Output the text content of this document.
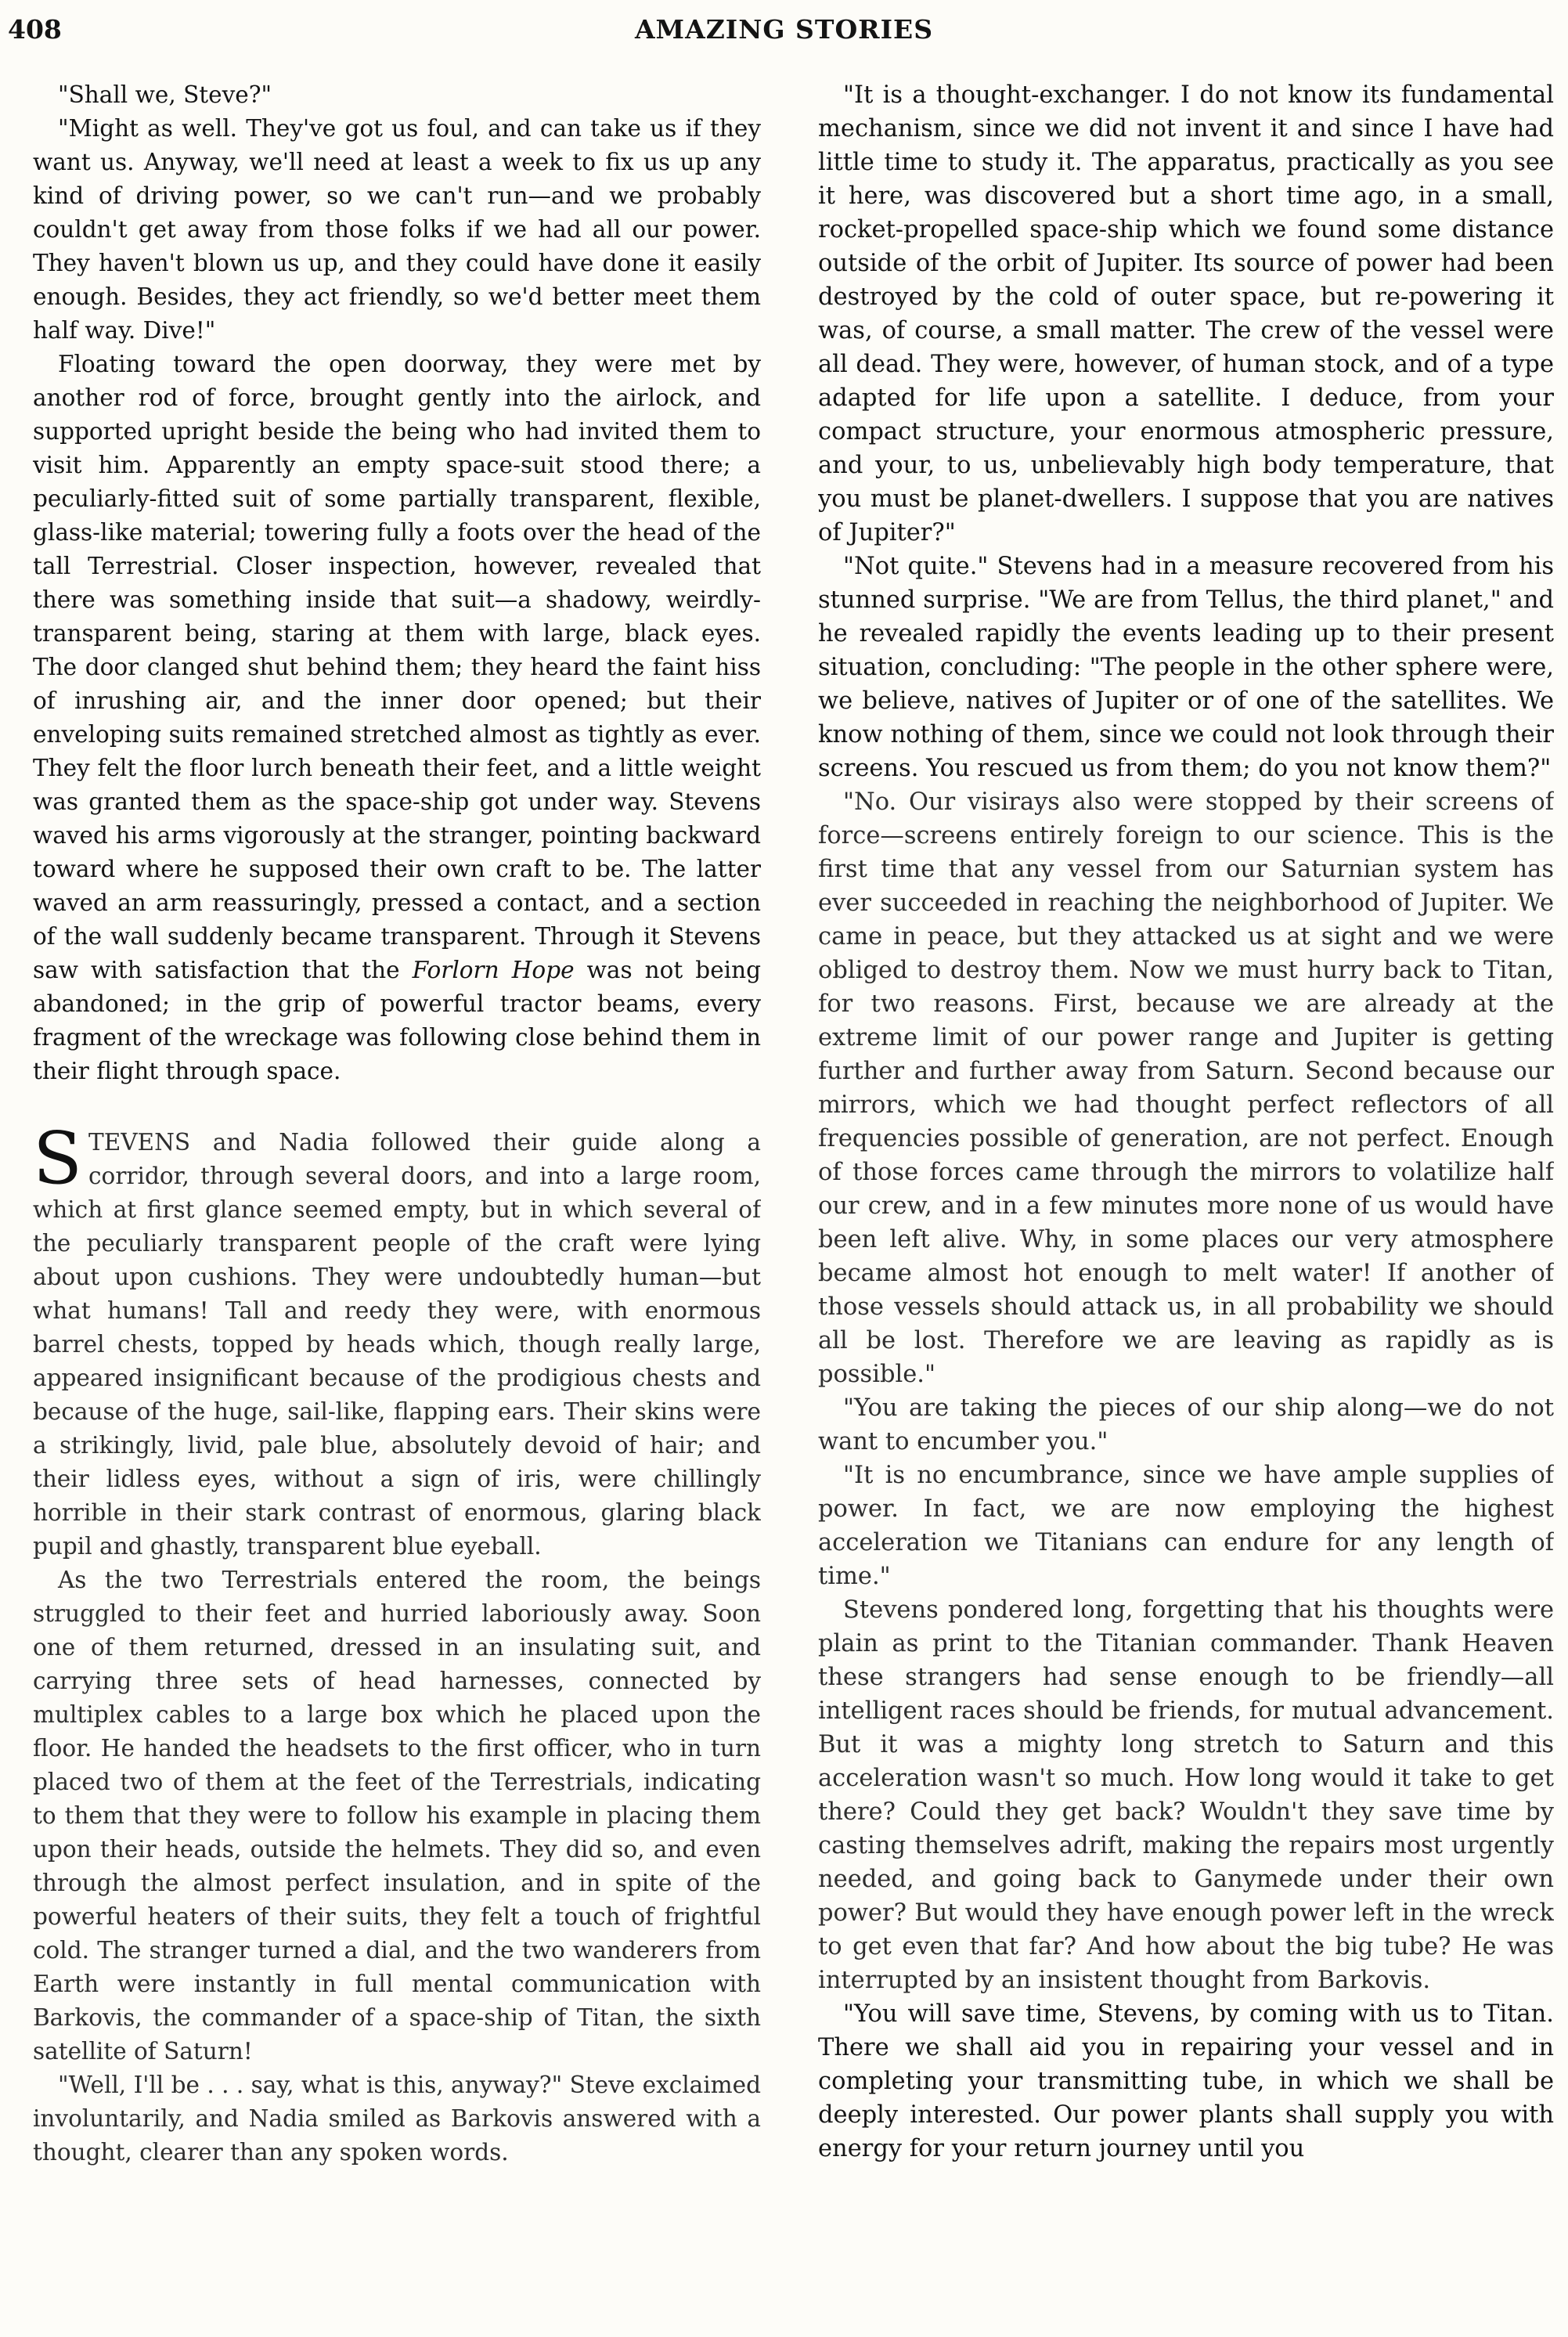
408	AMAZING STORIES

"Shall we, Steve?"

"Might as well. They've got us foul, and can take us if they want us. Anyway, we'll need at least a week to fix us up any kind of driving power, so we can't run—and we probably couldn't get away from those folks if we had all our power. They haven't blown us up, and they could have done it easily enough. Besides, they act friendly, so we'd better meet them half way. Dive!"

Floating toward the open doorway, they were met by another rod of force, brought gently into the airlock, and supported upright beside the being who had invited them to visit him. Apparently an empty space-suit stood there; a peculiarly-fitted suit of some partially transparent, flexible, glass-like material; towering fully a foots over the head of the tall Terrestrial. Closer inspection, however, revealed that there was something inside that suit—a shadowy, weirdly-transparent being, staring at them with large, black eyes. The door clanged shut behind them; they heard the faint hiss of inrushing air, and the inner door opened; but their enveloping suits remained stretched almost as tightly as ever. They felt the floor lurch beneath their feet, and a little weight was granted them as the space-ship got under way. Stevens waved his arms vigorously at the stranger, pointing backward toward where he supposed their own craft to be. The latter waved an arm reassuringly, pressed a contact, and a section of the wall suddenly became transparent. Through it Stevens saw with satisfaction that the Forlorn Hope was not being abandoned; in the grip of powerful tractor beams, every fragment of the wreckage was following close behind them in their flight through space.

STEVENS and Nadia followed their guide along a corridor, through several doors, and into a large room, which at first glance seemed empty, but in which several of the peculiarly transparent people of the craft were lying about upon cushions. They were undoubtedly human—but what humans! Tall and reedy they were, with enormous barrel chests, topped by heads which, though really large, appeared insignificant because of the prodigious chests and because of the huge, sail-like, flapping ears. Their skins were a strikingly, livid, pale blue, absolutely devoid of hair; and their lidless eyes, without a sign of iris, were chillingly horrible in their stark contrast of enormous, glaring black pupil and ghastly, transparent blue eyeball.

As the two Terrestrials entered the room, the beings struggled to their feet and hurried laboriously away. Soon one of them returned, dressed in an insulating suit, and carrying three sets of head harnesses, connected by multiplex cables to a large box which he placed upon the floor. He handed the headsets to the first officer, who in turn placed two of them at the feet of the Terrestrials, indicating to them that they were to follow his example in placing them upon their heads, outside the helmets. They did so, and even through the almost perfect insulation, and in spite of the powerful heaters of their suits, they felt a touch of frightful cold. The stranger turned a dial, and the two wanderers from Earth were instantly in full mental communication with Barkovis, the commander of a space-ship of Titan, the sixth satellite of Saturn!

"Well, I'll be . . . say, what is this, anyway?" Steve exclaimed involuntarily, and Nadia smiled as Barkovis answered with a thought, clearer than any spoken words.

"It is a thought-exchanger. I do not know its fundamental mechanism, since we did not invent it and since I have had little time to study it. The apparatus, practically as you see it here, was discovered but a short time ago, in a small, rocket-propelled space-ship which we found some distance outside of the orbit of Jupiter. Its source of power had been destroyed by the cold of outer space, but re-powering it was, of course, a small matter. The crew of the vessel were all dead. They were, however, of human stock, and of a type adapted for life upon a satellite. I deduce, from your compact structure, your enormous atmospheric pressure, and your, to us, unbelievably high body temperature, that you must be planet-dwellers. I suppose that you are natives of Jupiter?"

"Not quite." Stevens had in a measure recovered from his stunned surprise. "We are from Tellus, the third planet," and he revealed rapidly the events leading up to their present situation, concluding: "The people in the other sphere were, we believe, natives of Jupiter or of one of the satellites. We know nothing of them, since we could not look through their screens. You rescued us from them; do you not know them?"

"No. Our visirays also were stopped by their screens of force—screens entirely foreign to our science. This is the first time that any vessel from our Saturnian system has ever succeeded in reaching the neighborhood of Jupiter. We came in peace, but they attacked us at sight and we were obliged to destroy them. Now we must hurry back to Titan, for two reasons. First, because we are already at the extreme limit of our power range and Jupiter is getting further and further away from Saturn. Second because our mirrors, which we had thought perfect reflectors of all frequencies possible of generation, are not perfect. Enough of those forces came through the mirrors to volatilize half our crew, and in a few minutes more none of us would have been left alive. Why, in some places our very atmosphere became almost hot enough to melt water! If another of those vessels should attack us, in all probability we should all be lost. Therefore we are leaving as rapidly as is possible."

"You are taking the pieces of our ship along—we do not want to encumber you."

"It is no encumbrance, since we have ample supplies of power. In fact, we are now employing the highest acceleration we Titanians can endure for any length of time."

Stevens pondered long, forgetting that his thoughts were plain as print to the Titanian commander. Thank Heaven these strangers had sense enough to be friendly—all intelligent races should be friends, for mutual advancement. But it was a mighty long stretch to Saturn and this acceleration wasn't so much. How long would it take to get there? Could they get back? Wouldn't they save time by casting themselves adrift, making the repairs most urgently needed, and going back to Ganymede under their own power? But would they have enough power left in the wreck to get even that far? And how about the big tube? He was interrupted by an insistent thought from Barkovis.

"You will save time, Stevens, by coming with us to Titan. There we shall aid you in repairing your vessel and in completing your transmitting tube, in which we shall be deeply interested. Our power plants shall supply you with energy for your return journey until you
